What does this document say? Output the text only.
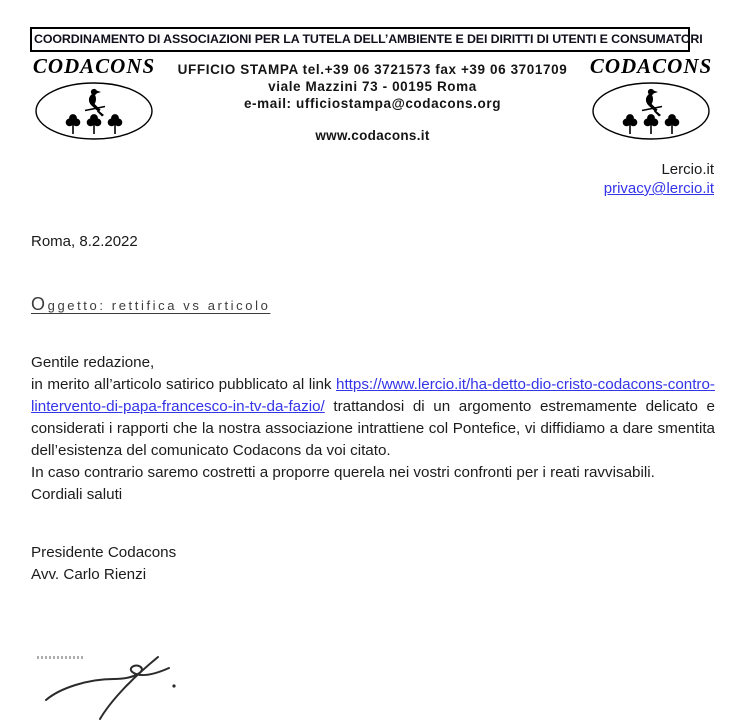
COORDINAMENTO DI ASSOCIAZIONI PER LA TUTELA DELL’AMBIENTE E DEI DIRITTI DI UTENTI E CONSUMATORI
CODACONS	UFFICIO STAMPA tel.+39 06 3721573 fax +39 06 3701709
viale Mazzini 73 - 00195 Roma
e-mail: ufficiostampa@codacons.org
www.codacons.it
CODACONS
Lercio.it
privacy@lercio.it
Roma, 8.2.2022
Oggetto: rettifica vs articolo

Gentile redazione,

in merito all’articolo satirico pubblicato al link https://www.lercio.it/ha-detto-dio-cristo-codacons-contro-lintervento-di-papa-francesco-in-tv-da-fazio/ trattandosi di un argomento estremamente delicato e considerati i rapporti che la nostra associazione intrattiene col Pontefice, vi diffidiamo a dare smentita dell’esistenza del comunicato Codacons da voi citato.

In caso contrario saremo costretti a proporre querela nei vostri confronti per i reati ravvisabili.

Cordiali saluti

Presidente Codacons
Avv. Carlo Rienzi
